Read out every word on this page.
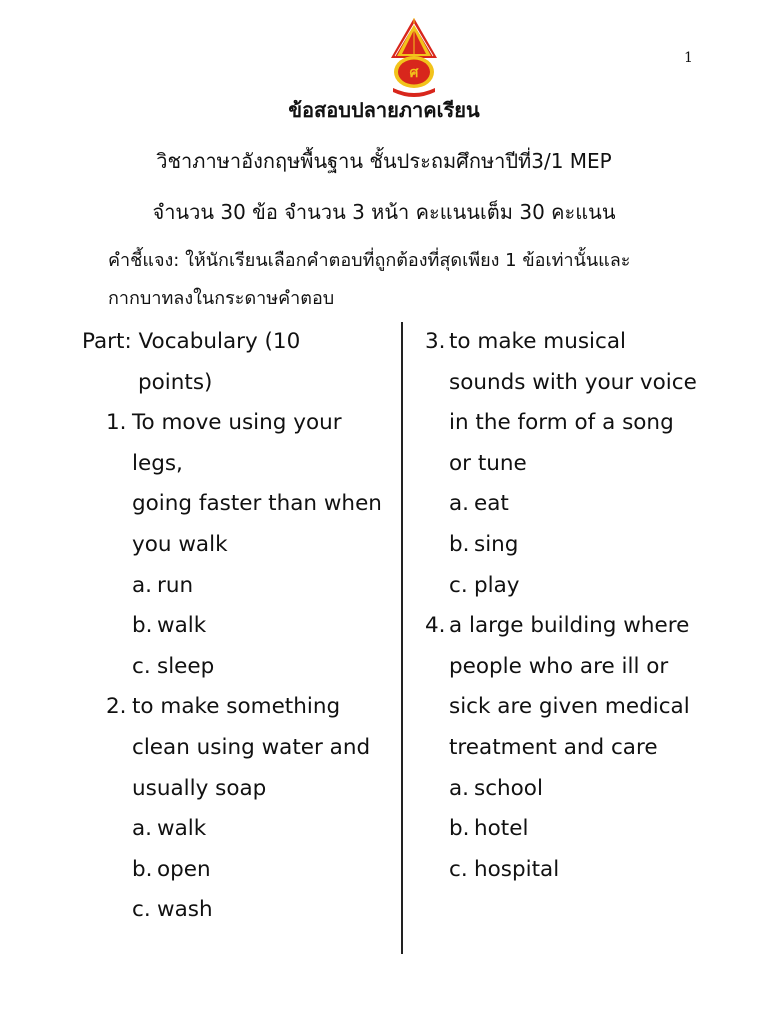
1
ศ
ข้อสอบปลายภาคเรียน
วิชาภาษาอังกฤษพื้นฐาน ชั้นประถมศึกษาปีที่3/1 MEP
จำนวน 30 ข้อ จำนวน 3 หน้า คะแนนเต็ม 30 คะแนน
คำชี้แจง: ให้นักเรียนเลือกคำตอบที่ถูกต้องที่สุดเพียง 1 ข้อเท่านั้นและ
กากบาทลงในกระดาษคำตอบ
Part: Vocabulary (10
points)
1. To move using your
legs,
going faster than when
you walk
a. run
b. walk
c. sleep
2. to make something
clean using water and
usually soap
a. walk
b. open
c. wash
3. to make musical
sounds with your voice
in the form of a song
or tune
a. eat
b. sing
c. play
4. a large building where
people who are ill or
sick are given medical
treatment and care
a. school
b. hotel
c. hospital
